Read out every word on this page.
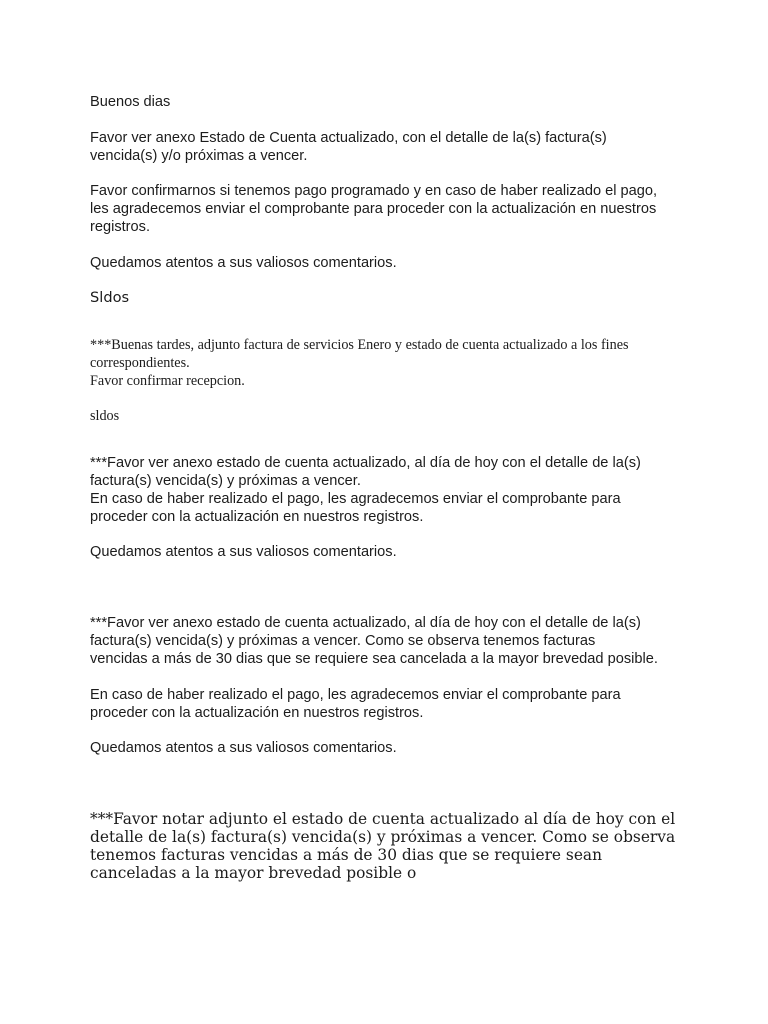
Buenos dias

Favor ver anexo Estado de Cuenta actualizado, con el detalle de la(s) factura(s)

vencida(s) y/o próximas a vencer.

Favor confirmarnos si tenemos pago programado y en caso de haber realizado el pago,

les agradecemos enviar el comprobante para proceder con la actualización en nuestros

registros.

Quedamos atentos a sus valiosos comentarios.

Sldos

***Buenas tardes, adjunto factura de servicios Enero y estado de cuenta actualizado a los fines

correspondientes.

Favor confirmar recepcion.

sldos

***Favor ver anexo estado de cuenta actualizado, al día de hoy con el detalle de la(s)

factura(s) vencida(s) y próximas a vencer.

En caso de haber realizado el pago, les agradecemos enviar el comprobante para

proceder con la actualización en nuestros registros.

Quedamos atentos a sus valiosos comentarios.

***Favor ver anexo estado de cuenta actualizado, al día de hoy con el detalle de la(s)

factura(s) vencida(s) y próximas a vencer. Como se observa tenemos facturas

vencidas a más de 30 dias que se requiere sea cancelada a la mayor brevedad posible.

En caso de haber realizado el pago, les agradecemos enviar el comprobante para

proceder con la actualización en nuestros registros.

Quedamos atentos a sus valiosos comentarios.

***Favor notar adjunto el estado de cuenta actualizado al día de hoy con el

detalle de la(s) factura(s) vencida(s) y próximas a vencer. Como se observa

tenemos facturas vencidas a más de 30 dias que se requiere sean

canceladas a la mayor brevedad posible o
